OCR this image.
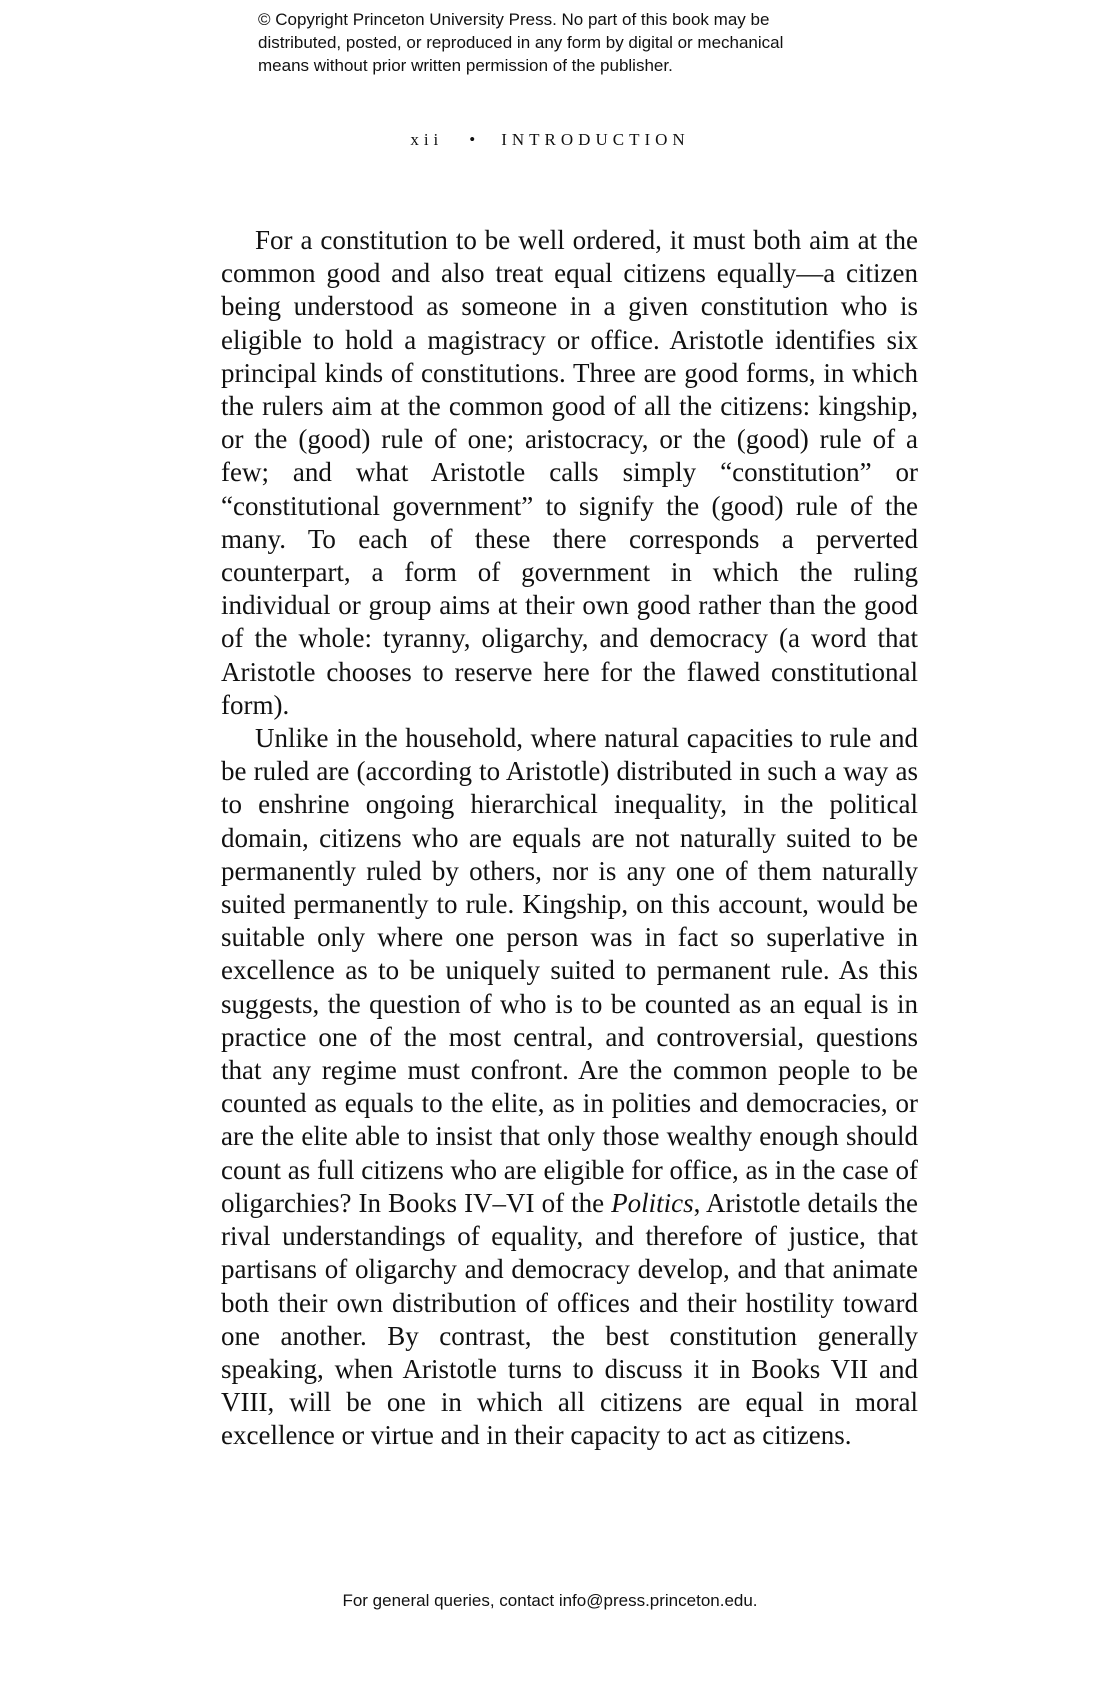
© Copyright Princeton University Press. No part of this book may be
distributed, posted, or reproduced in any form by digital or mechanical
means without prior written permission of the publisher.
xii • INTRODUCTION

For a constitution to be well ordered, it must both aim at the common good and also treat equal citizens equally—a citizen being understood as someone in a given constitution who is eligible to hold a magistracy or office. Aristotle identifies six principal kinds of constitutions. Three are good forms, in which the rulers aim at the common good of all the citizens: kingship, or the (good) rule of one; aristocracy, or the (good) rule of a few; and what Aristotle calls simply “constitution” or “constitutional government” to signify the (good) rule of the many. To each of these there corresponds a perverted counterpart, a form of government in which the ruling individual or group aims at their own good rather than the good of the whole: tyranny, oligarchy, and democracy (a word that Aristotle chooses to reserve here for the flawed constitutional form).

Unlike in the household, where natural capacities to rule and be ruled are (according to Aristotle) distributed in such a way as to enshrine ongoing hierarchical inequality, in the political domain, citizens who are equals are not naturally suited to be permanently ruled by others, nor is any one of them naturally suited permanently to rule. Kingship, on this account, would be suitable only where one person was in fact so superlative in excellence as to be uniquely suited to permanent rule. As this suggests, the question of who is to be counted as an equal is in practice one of the most central, and controversial, questions that any regime must confront. Are the common people to be counted as equals to the elite, as in polities and democracies, or are the elite able to insist that only those wealthy enough should count as full citizens who are eligible for office, as in the case of oligarchies? In Books IV–VI of the Politics, Aristotle details the rival understandings of equality, and therefore of justice, that partisans of oligarchy and democracy develop, and that animate both their own distribution of offices and their hostility toward one another. By contrast, the best constitution generally speaking, when Aristotle turns to discuss it in Books VII and VIII, will be one in which all citizens are equal in moral excellence or virtue and in their capacity to act as citizens.

For general queries, contact info@press.princeton.edu.
